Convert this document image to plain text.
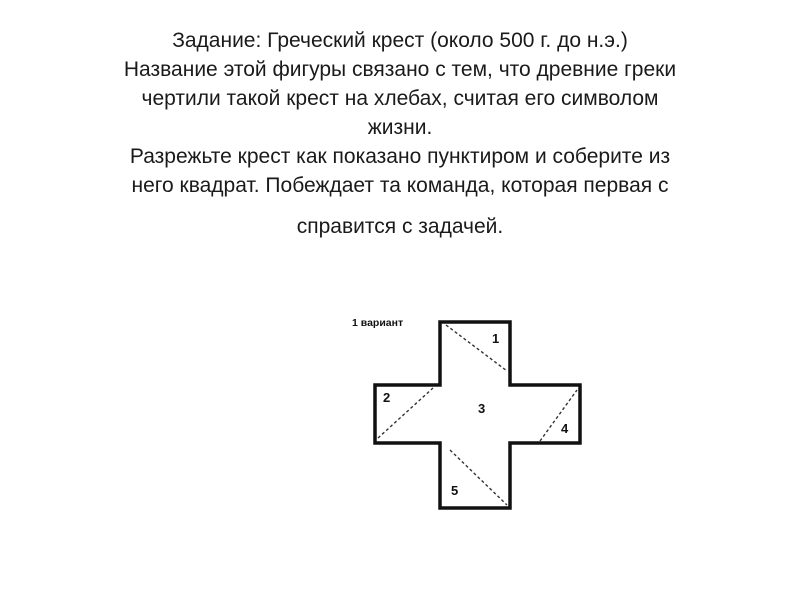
Задание: Греческий крест (около 500 г. до н.э.)

Название этой фигуры связано с тем, что древние греки

чертили такой крест на хлебах, считая его символом

жизни.

Разрежьте крест как показано пунктиром и соберите из

него квадрат. Побеждает та команда, которая первая с

справится с задачей.

1 вариант
1
2
3
4
5
